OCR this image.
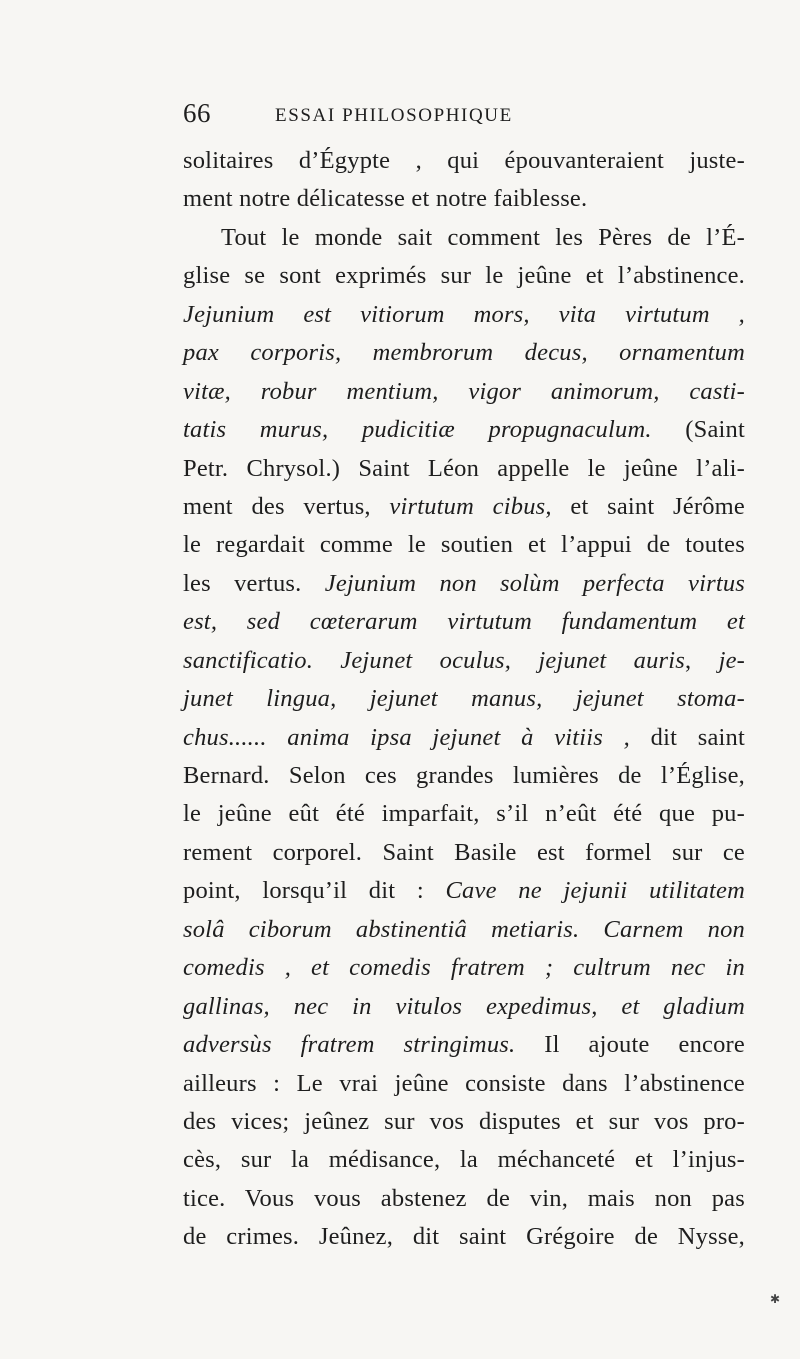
66	ESSAI PHILOSOPHIQUE
solitaires d’Égypte , qui épouvanteraient juste-
ment notre délicatesse et notre faiblesse.
Tout le monde sait comment les Pères de l’É-
glise se sont exprimés sur le jeûne et l’abstinence.
Jejunium est vitiorum mors, vita virtutum ,
pax corporis, membrorum decus, ornamentum
vitæ, robur mentium, vigor animorum, casti-
tatis murus, pudicitiæ propugnaculum. (Saint
Petr. Chrysol.) Saint Léon appelle le jeûne l’ali-
ment des vertus, virtutum cibus, et saint Jérôme
le regardait comme le soutien et l’appui de toutes
les vertus. Jejunium non solùm perfecta virtus
est, sed cœterarum virtutum fundamentum et
sanctificatio. Jejunet oculus, jejunet auris, je-
junet lingua, jejunet manus, jejunet stoma-
chus...... anima ipsa jejunet à vitiis , dit saint
Bernard. Selon ces grandes lumières de l’Église,
le jeûne eût été imparfait, s’il n’eût été que pu-
rement corporel. Saint Basile est formel sur ce
point, lorsqu’il dit : Cave ne jejunii utilitatem
solâ ciborum abstinentiâ metiaris. Carnem non
comedis , et comedis fratrem ; cultrum nec in
gallinas, nec in vitulos expedimus, et gladium
adversùs fratrem stringimus. Il ajoute encore
ailleurs : Le vrai jeûne consiste dans l’abstinence
des vices; jeûnez sur vos disputes et sur vos pro-
cès, sur la médisance, la méchanceté et l’injus-
tice. Vous vous abstenez de vin, mais non pas
de crimes. Jeûnez, dit saint Grégoire de Nysse,
✱
